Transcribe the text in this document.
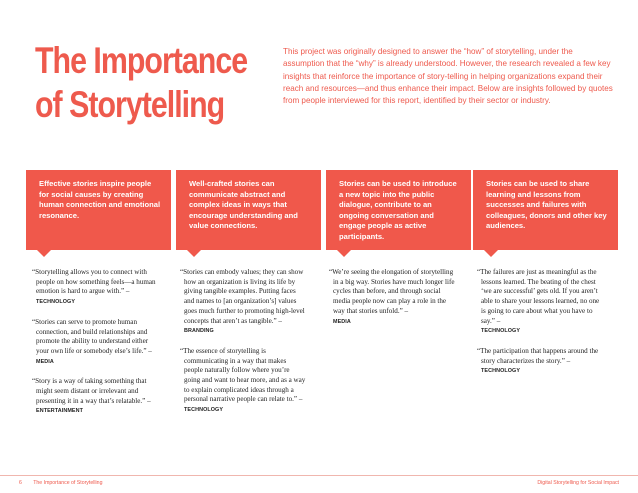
The Importance
of Storytelling
This project was originally designed to answer the “how” of storytelling, under the assumption that the “why” is already understood. However, the research revealed a few key insights that reinforce the importance of story-telling in helping organizations expand their reach and resources—and thus enhance their impact. Below are insights followed by quotes from people interviewed for this report, identified by their sector or industry.
Effective stories inspire people for social causes by creating human connection and emotional resonance.
“Storytelling allows you to connect with people on how something feels—a human emotion is hard to argue with.” –
TECHNOLOGY
“Stories can serve to promote human connection, and build relationships and promote the ability to understand either your own life or somebody else’s life.” –
MEDIA
“Story is a way of taking something that might seem distant or irrelevant and presenting it in a way that’s relatable.” –
ENTERTAINMENT
Well-crafted stories can communicate abstract and complex ideas in ways that encourage understanding and value connections.
“Stories can embody values; they can show how an organization is living its life by giving tangible examples. Putting faces and names to [an organization’s] values goes much further to promoting high-level concepts that aren’t as tangible.” –
BRANDING
“The essence of storytelling is communicating in a way that makes people naturally follow where you’re going and want to hear more, and as a way to explain complicated ideas through a personal narrative people can relate to.” –
TECHNOLOGY
Stories can be used to introduce a new topic into the public dialogue, contribute to an ongoing conversation and engage people as active participants.
“We’re seeing the elongation of storytelling in a big way. Stories have much longer life cycles than before, and through social media people now can play a role in the way that stories unfold.” –
MEDIA
Stories can be used to share learning and lessons from successes and failures with colleagues, donors and other key audiences.
“The failures are just as meaningful as the lessons learned. The beating of the chest ‘we are successful’ gets old. If you aren’t able to share your lessons learned, no one is going to care about what you have to say.” –
TECHNOLOGY
“The participation that happens around the story characterizes the story.” –
TECHNOLOGY
6 The Importance of Storytelling	Digital Storytelling for Social Impact
